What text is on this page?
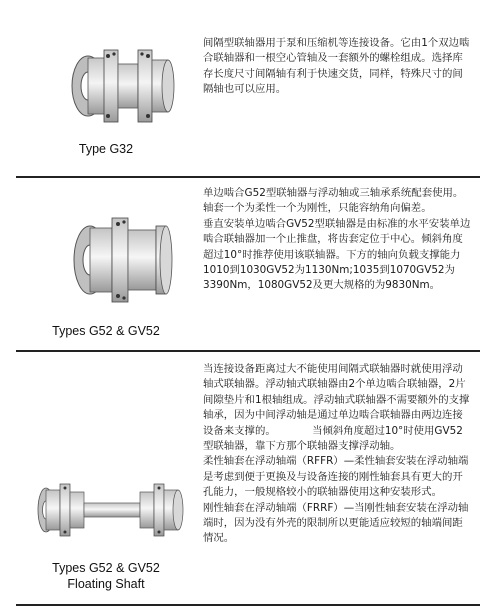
Type G32

间隔型联轴器用于泵和压缩机等连接设备。它由1个双边啮合联轴器和一根空心管轴及一套额外的螺栓组成。选择库存长度尺寸间隔轴有利于快速交货，同样，特殊尺寸的间隔轴也可以应用。

Types G52 & GV52

单边啮合G52型联轴器与浮动轴或三轴承系统配套使用。轴套一个为柔性一个为刚性，只能容纳角向偏差。

垂直安装单边啮合GV52型联轴器是由标准的水平安装单边啮合联轴器加一个止推盘，将齿套定位于中心。倾斜角度超过10°时推荐使用该联轴器。下方的轴向负载支撑能力1010到1030GV52为1130Nm;1035到1070GV52为3390Nm，1080GV52及更大规格的为9830Nm。

Types G52 & GV52
Floating Shaft

当连接设备距离过大不能使用间隔式联轴器时就使用浮动轴式联轴器。浮动轴式联轴器由2个单边啮合联轴器，2片间隙垫片和1根轴组成。浮动轴式联轴器不需要额外的支撑轴承，因为中间浮动轴是通过单边啮合联轴器由两边连接设备来支撑的。　　　　当倾斜角度超过10°时使用GV52型联轴器，靠下方那个联轴器支撑浮动轴。

柔性轴套在浮动轴端（RFFR）—柔性轴套安装在浮动轴端是考虑到便于更换及与设备连接的刚性轴套具有更大的开孔能力，一般规格较小的联轴器使用这种安装形式。

刚性轴套在浮动轴端（FRRF）—当刚性轴套安装在浮动轴端时，因为没有外壳的限制所以更能适应较短的轴端间距情况。
